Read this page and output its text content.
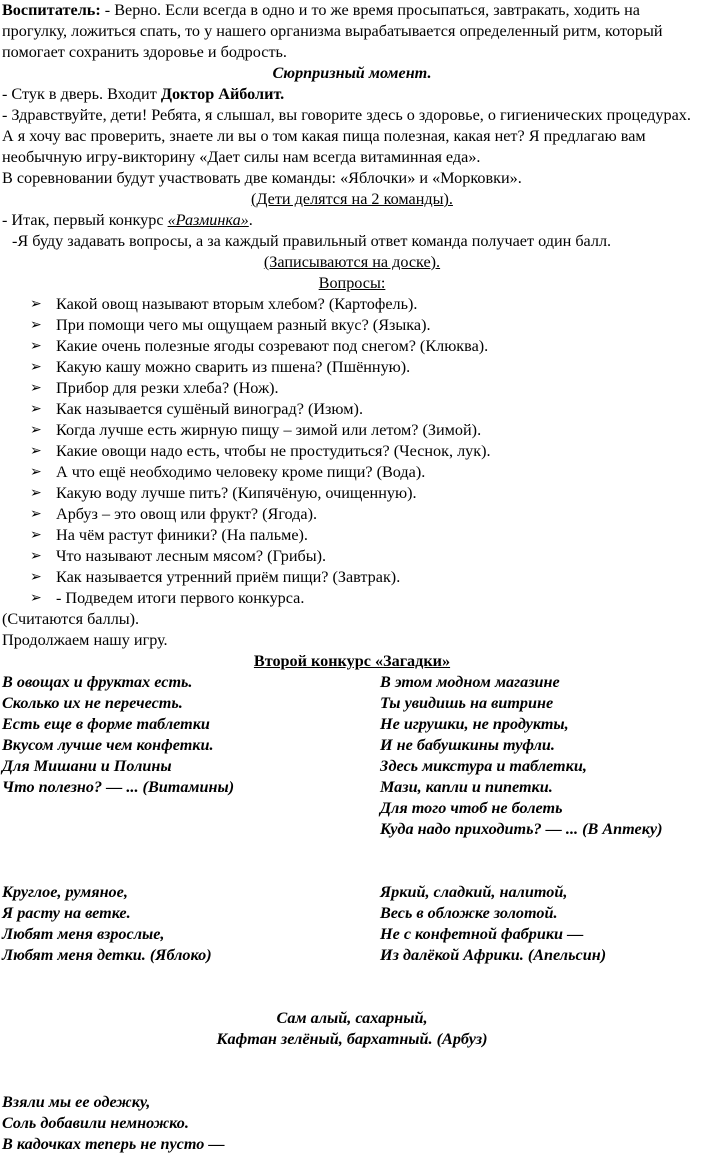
Воспитатель: - Верно. Если всегда в одно и то же время просыпаться, завтракать, ходить на прогулку, ложиться спать, то у нашего организма вырабатывается определенный ритм, который помогает сохранить здоровье и бодрость.

Сюрпризный момент.

- Стук в дверь. Входит Доктор Айболит.

- Здравствуйте, дети! Ребята, я слышал, вы говорите здесь о здоровье, о гигиенических процедурах. А я хочу вас проверить, знаете ли вы о том какая пища полезная, какая нет? Я предлагаю вам необычную игру-викторину «Дает силы нам всегда витаминная еда».

В соревновании будут участвовать две команды: «Яблочки» и «Морковки».

(Дети делятся на 2 команды).

- Итак, первый конкурс «Разминка».

-Я буду задавать вопросы, а за каждый правильный ответ команда получает один балл.

(Записываются на доске).

Вопросы:

➢ Какой овощ называют вторым хлебом? (Картофель).
➢ При помощи чего мы ощущаем разный вкус? (Языка).
➢ Какие очень полезные ягоды созревают под снегом? (Клюква).
➢ Какую кашу можно сварить из пшена? (Пшённую).
➢ Прибор для резки хлеба? (Нож).
➢ Как называется сушёный виноград? (Изюм).
➢ Когда лучше есть жирную пищу – зимой или летом? (Зимой).
➢ Какие овощи надо есть, чтобы не простудиться? (Чеснок, лук).
➢ А что ещё необходимо человеку кроме пищи? (Вода).
➢ Какую воду лучше пить? (Кипячёную, очищенную).
➢ Арбуз – это овощ или фрукт? (Ягода).
➢ На чём растут финики? (На пальме).
➢ Что называют лесным мясом? (Грибы).
➢ Как называется утренний приём пищи? (Завтрак).
➢ - Подведем итоги первого конкурса.

(Считаются баллы).

Продолжаем нашу игру.

Второй конкурс «Загадки»

В овощах и фруктах есть.
Сколько их не перечесть.
Есть еще в форме таблетки
Вкусом лучше чем конфетки.
Для Мишани и Полины
Что полезно? — ... (Витамины)
В этом модном магазине
Ты увидишь на витрине
Не игрушки, не продукты,
И не бабушкины туфли.
Здесь микстура и таблетки,
Мази, капли и пипетки.
Для того чтоб не болеть
Куда надо приходить? — ... (В Аптеку)
Круглое, румяное,
Я расту на ветке.
Любят меня взрослые,
Любят меня детки. (Яблоко)
Яркий, сладкий, налитой,
Весь в обложке золотой.
Не с конфетной фабрики —
Из далёкой Африки. (Апельсин)
Сам алый, сахарный,
Кафтан зелёный, бархатный. (Арбуз)
Взяли мы ее одежку,
Соль добавили немножко.
В кадочках теперь не пусто —
